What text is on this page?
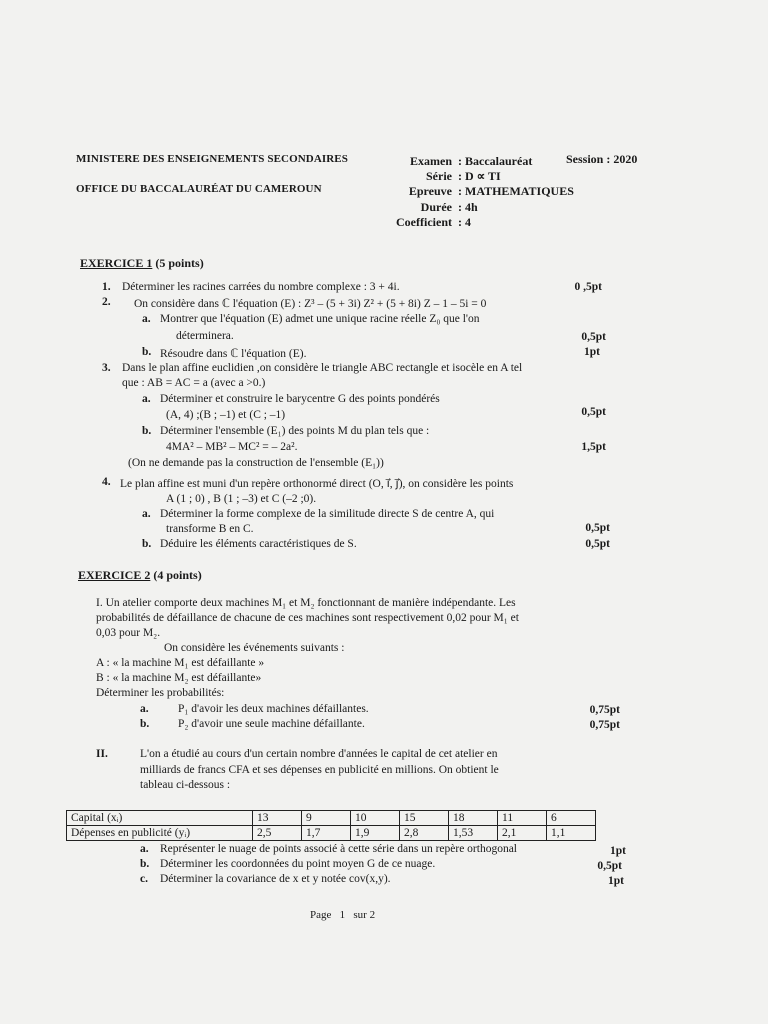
MINISTERE DES ENSEIGNEMENTS SECONDAIRES
OFFICE DU BACCALAURÉAT DU CAMEROUN
Examen : Baccalauréat	Session : 2020
Série : D ∝ TI
Epreuve : MATHEMATIQUES
Durée : 4h
Coefficient : 4
EXERCICE 1 (5 points)
1. Déterminer les racines carrées du nombre complexe : 3 + 4i.	0 ,5pt
2. On considère dans ℂ l'équation (E) : Z³ – (5 + 3i) Z² + (5 + 8i) Z – 1 – 5i = 0
a. Montrer que l'équation (E) admet une unique racine réelle Z₀ que l'on
déterminera.	0,5pt
b. Résoudre dans ℂ l'équation (E).	1pt
3. Dans le plan affine euclidien ,on considère le triangle ABC rectangle et isocèle en A tel
que : AB = AC = a (avec a >0.)
a. Déterminer et construire le barycentre G des points pondérés
(A, 4) ;(B ; –1) et (C ; –1)	0,5pt
b. Déterminer l'ensemble (E₁) des points M du plan tels que :
4MA² – MB² – MC² = – 2a².	1,5pt
(On ne demande pas la construction de l'ensemble (E₁))
4. Le plan affine est muni d'un repère orthonormé direct (O, i⃗, j⃗), on considère les points
A (1 ; 0) , B (1 ; –3) et C (–2 ;0).
a. Déterminer la forme complexe de la similitude directe S de centre A, qui
transforme B en C.	0,5pt
b. Déduire les éléments caractéristiques de S.	0,5pt
EXERCICE 2 (4 points)
I. Un atelier comporte deux machines M₁ et M₂ fonctionnant de manière indépendante. Les
probabilités de défaillance de chacune de ces machines sont respectivement 0,02 pour M₁ et
0,03 pour M₂.
On considère les événements suivants :
A : « la machine M₁ est défaillante »
B : « la machine M₂ est défaillante»
Déterminer les probabilités:
a.	P₁ d'avoir les deux machines défaillantes.	0,75pt
b. P₂ d'avoir une seule machine défaillante.	0,75pt
II.	L'on a étudié au cours d'un certain nombre d'années le capital de cet atelier en
milliards de francs CFA et ses dépenses en publicité en millions. On obtient le
tableau ci-dessous :
Capital (xᵢ)	13	9	10	15	18	11	6
Dépenses en publicité (yᵢ)	2,5	1,7	1,9	2,8	1,53	2,1	1,1
a. Représenter le nuage de points associé à cette série dans un repère orthogonal	1pt
b. Déterminer les coordonnées du point moyen G de ce nuage.	0,5pt
c. Déterminer la covariance de x et y notée cov(x,y).	1pt
Page   1   sur 2
